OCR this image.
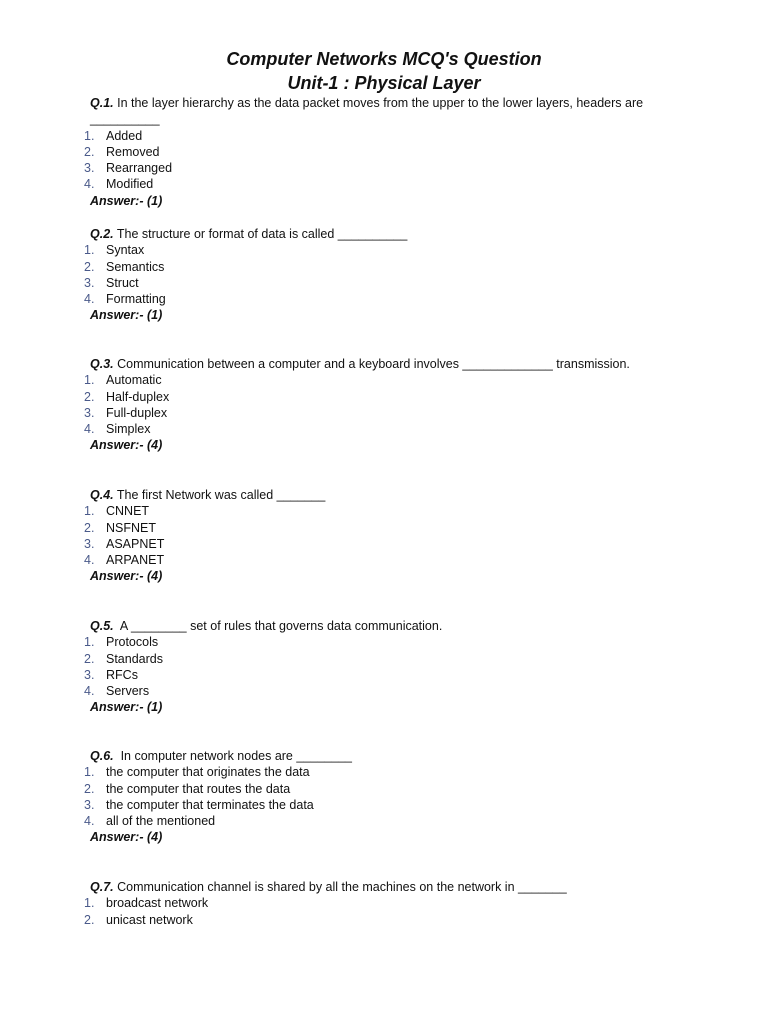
Computer Networks MCQ's Question
Unit-1 : Physical Layer

Q.1. In the layer hierarchy as the data packet moves from the upper to the lower layers, headers are

__________

1. Added
2. Removed
3. Rearranged
4. Modified

Answer:- (1)

Q.2. The structure or format of data is called __________

1. Syntax
2. Semantics
3. Struct
4. Formatting

Answer:- (1)

Q.3. Communication between a computer and a keyboard involves _____________ transmission.

1. Automatic
2. Half-duplex
3. Full-duplex
4. Simplex

Answer:- (4)

Q.4. The first Network was called _______

1. CNNET
2. NSFNET
3. ASAPNET
4. ARPANET

Answer:- (4)

Q.5.  A ________ set of rules that governs data communication.

1. Protocols
2. Standards
3. RFCs
4. Servers

Answer:- (1)

Q.6.  In computer network nodes are ________

1. the computer that originates the data
2. the computer that routes the data
3. the computer that terminates the data
4. all of the mentioned

Answer:- (4)

Q.7. Communication channel is shared by all the machines on the network in _______

1. broadcast network
2. unicast network
